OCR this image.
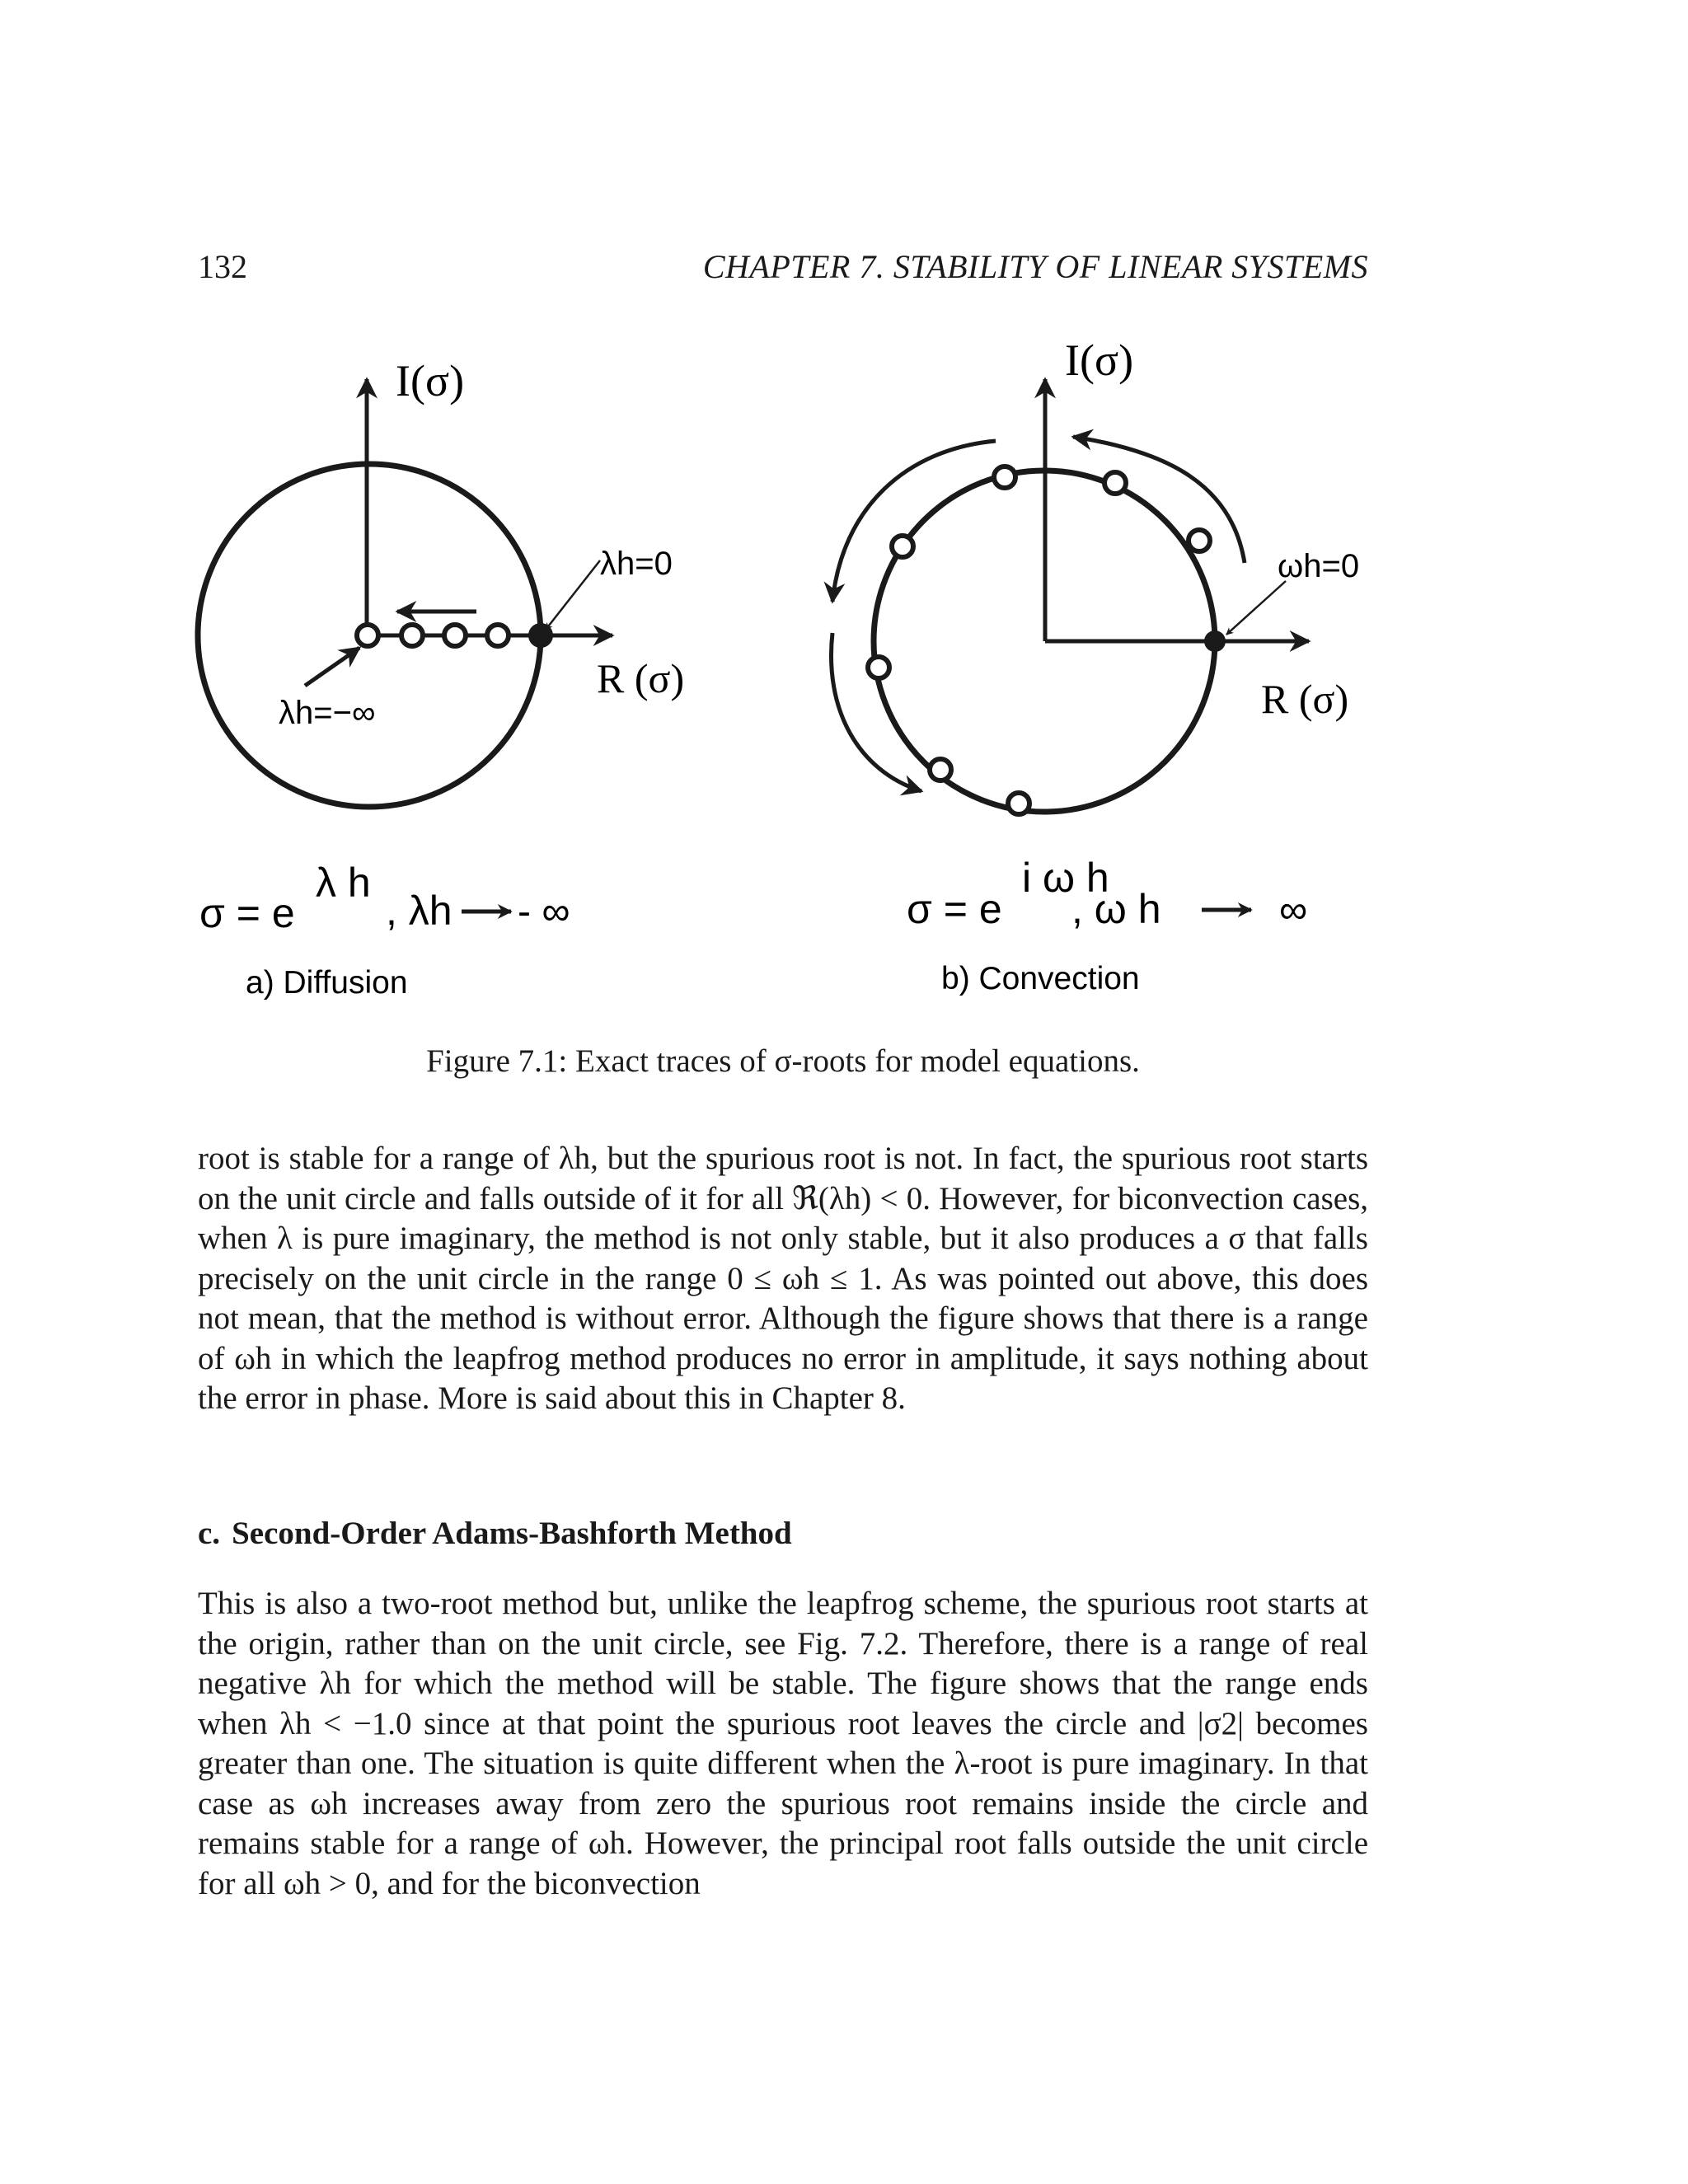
132	CHAPTER 7. STABILITY OF LINEAR SYSTEMS
I(σ)
R (σ)
λh=0
λh=−∞
σ = e
λ h
, λh - ∞
a) Diffusion
I(σ)
R (σ)
ωh=0
σ = e
i ω h
, ω h	∞
b) Convection
Figure 7.1: Exact traces of σ-roots for model equations.

root is stable for a range of λh, but the spurious root is not. In fact, the spurious root starts on the unit circle and falls outside of it for all ℜ(λh) < 0. However, for biconvection cases, when λ is pure imaginary, the method is not only stable, but it also produces a σ that falls precisely on the unit circle in the range 0 ≤ ωh ≤ 1. As was pointed out above, this does not mean, that the method is without error. Although the figure shows that there is a range of ωh in which the leapfrog method produces no error in amplitude, it says nothing about the error in phase. More is said about this in Chapter 8.

c. Second-Order Adams-Bashforth Method

This is also a two-root method but, unlike the leapfrog scheme, the spurious root starts at the origin, rather than on the unit circle, see Fig. 7.2. Therefore, there is a range of real negative λh for which the method will be stable. The figure shows that the range ends when λh < −1.0 since at that point the spurious root leaves the circle and |σ2| becomes greater than one. The situation is quite different when the λ-root is pure imaginary. In that case as ωh increases away from zero the spurious root remains inside the circle and remains stable for a range of ωh. However, the principal root falls outside the unit circle for all ωh > 0, and for the biconvection
